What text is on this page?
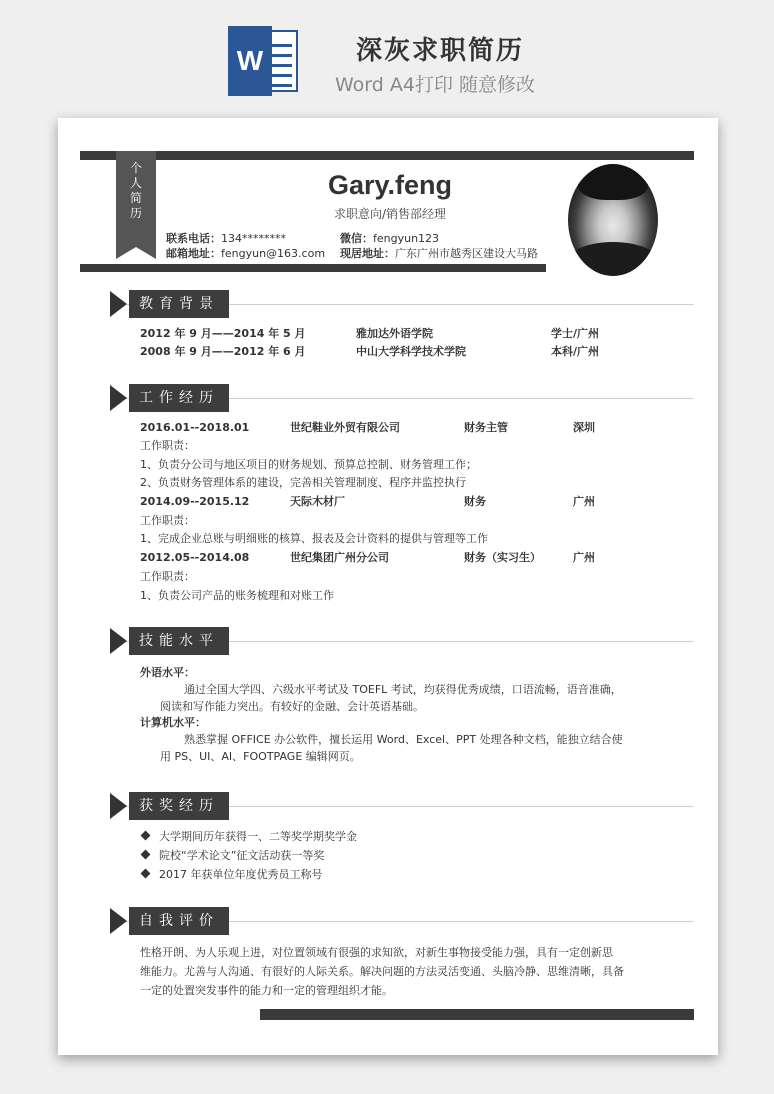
W	深灰求职简历
Word A4打印 随意修改
个
人
简
历
Gary.feng
求职意向/销售部经理
联系电话：134********
邮箱地址：fengyun@163.com
微信：fengyun123
现居地址：广东广州市越秀区建设大马路
教育背景
2012 年 9 月——2014 年 5 月	雅加达外语学院	学士/广州
2008 年 9 月——2012 年 6 月	中山大学科学技术学院	本科/广州
工作经历
2016.01--2018.01	世纪鞋业外贸有限公司	财务主管	深圳
工作职责：
1、负责分公司与地区项目的财务规划、预算总控制、财务管理工作；
2、负责财务管理体系的建设，完善相关管理制度、程序并监控执行
2014.09--2015.12	天际木材厂	财务	广州
工作职责：
1、完成企业总账与明细账的核算、报表及会计资料的提供与管理等工作
2012.05--2014.08	世纪集团广州分公司	财务（实习生）	广州
工作职责：
1、负责公司产品的账务梳理和对账工作
技能水平
外语水平：
通过全国大学四、六级水平考试及 TOEFL 考试，均获得优秀成绩，口语流畅，语音准确，
阅读和写作能力突出。有较好的金融、会计英语基础。
计算机水平：
熟悉掌握 OFFICE 办公软件，擅长运用 Word、Excel、PPT 处理各种文档，能独立结合使
用 PS、UI、AI、FOOTPAGE 编辑网页。
获奖经历
大学期间历年获得一、二等奖学期奖学金
院校“学术论文”征文活动获一等奖
2017 年获单位年度优秀员工称号
自我评价
性格开朗、为人乐观上进，对位置领域有很强的求知欲，对新生事物接受能力强，具有一定创新思
维能力。尤善与人沟通、有很好的人际关系。解决问题的方法灵活变通、头脑冷静、思维清晰，具备
一定的处置突发事件的能力和一定的管理组织才能。
